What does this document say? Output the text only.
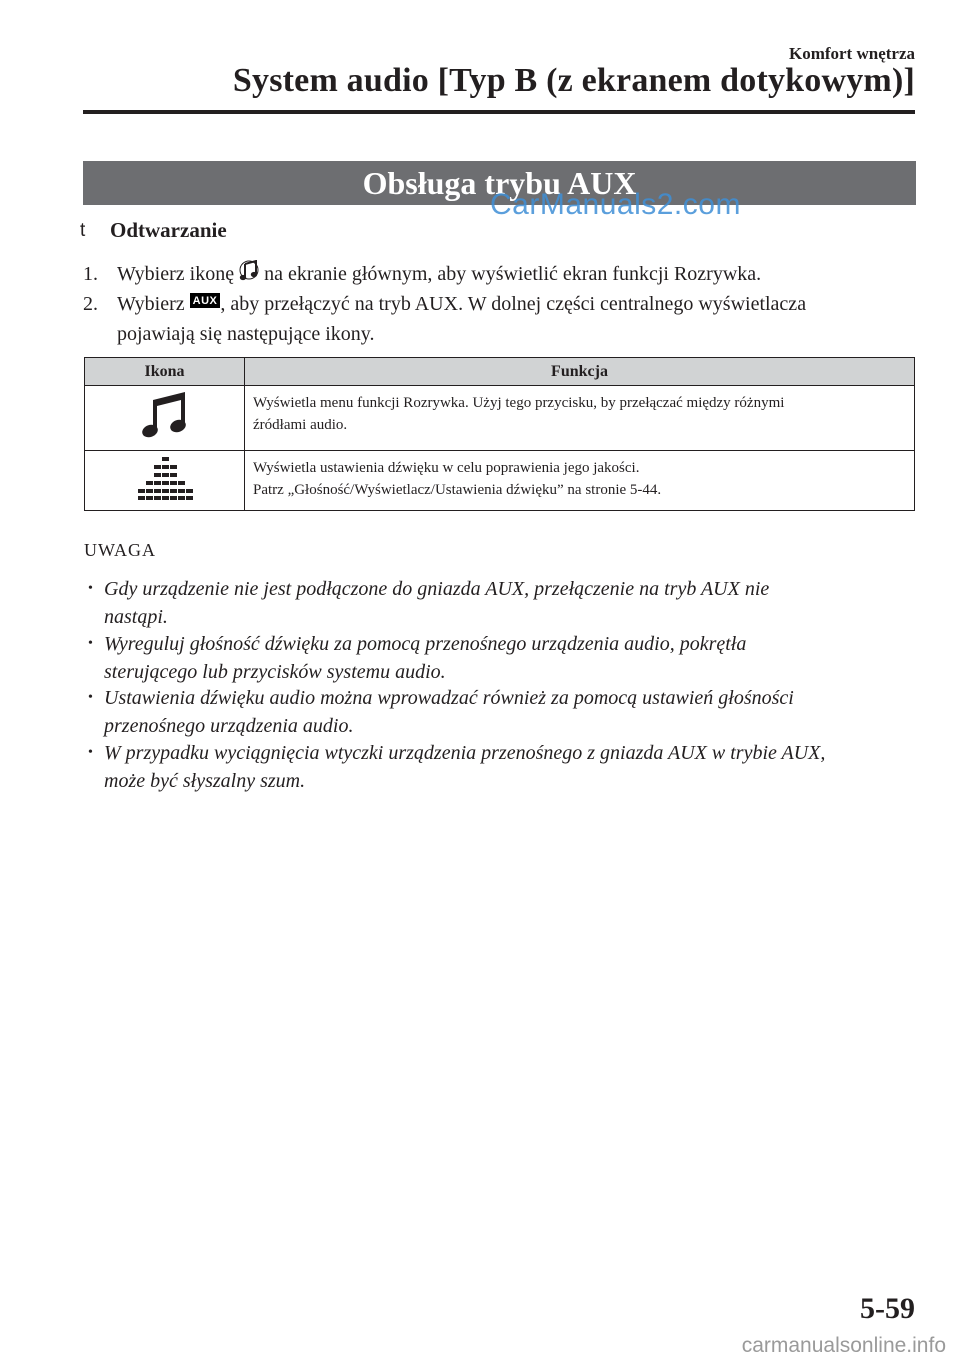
Komfort wnętrza
System audio [Typ B (z ekranem dotykowym)]
Obsługa trybu AUX
CarManuals2.com
t Odtwarzanie
1. Wybierz ikonę na ekranie głównym, aby wyświetlić ekran funkcji Rozrywka.
2. Wybierz AUX , aby przełączyć na tryb AUX. W dolnej części centralnego wyświetlacza
pojawiają się następujące ikony.
Ikona	Funkcja

Wyświetla menu funkcji Rozrywka. Użyj tego przycisku, by przełączać między różnymi
źródłami audio.

Wyświetla ustawienia dźwięku w celu poprawienia jego jakości.
Patrz „Głośność/Wyświetlacz/Ustawienia dźwięku” na stronie 5-44.
UWAGA
• Gdy urządzenie nie jest podłączone do gniazda AUX, przełączenie na tryb AUX nie
nastąpi.
• Wyreguluj głośność dźwięku za pomocą przenośnego urządzenia audio, pokrętła
sterującego lub przycisków systemu audio.
• Ustawienia dźwięku audio można wprowadzać również za pomocą ustawień głośności
przenośnego urządzenia audio.
• W przypadku wyciągnięcia wtyczki urządzenia przenośnego z gniazda AUX w trybie AUX,
może być słyszalny szum.
5-59
carmanualsonline.info
